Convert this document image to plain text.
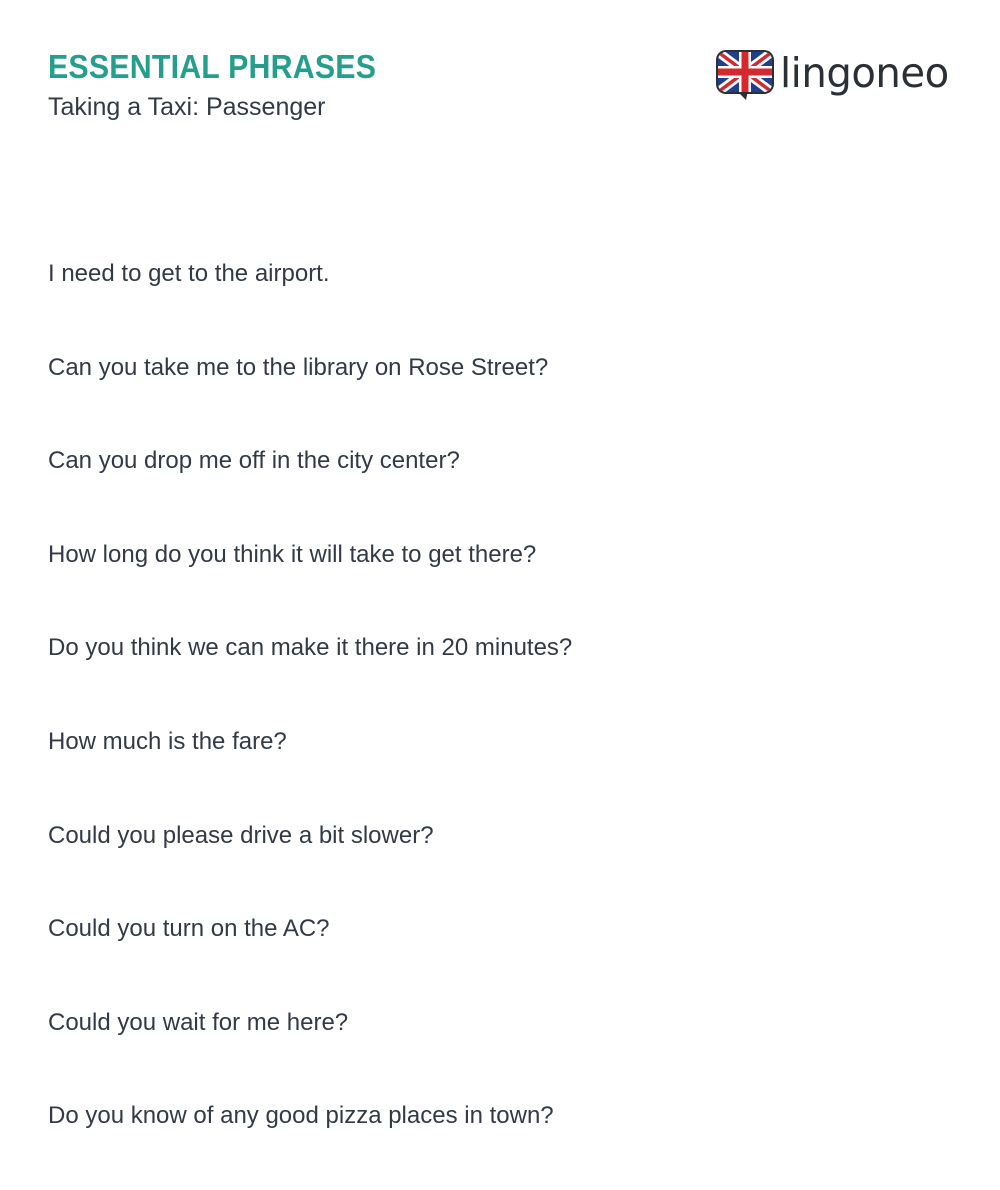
ESSENTIAL PHRASES
Taking a Taxi: Passenger
lingoneo
I need to get to the airport.
Can you take me to the library on Rose Street?
Can you drop me off in the city center?
How long do you think it will take to get there?
Do you think we can make it there in 20 minutes?
How much is the fare?
Could you please drive a bit slower?
Could you turn on the AC?
Could you wait for me here?
Do you know of any good pizza places in town?
